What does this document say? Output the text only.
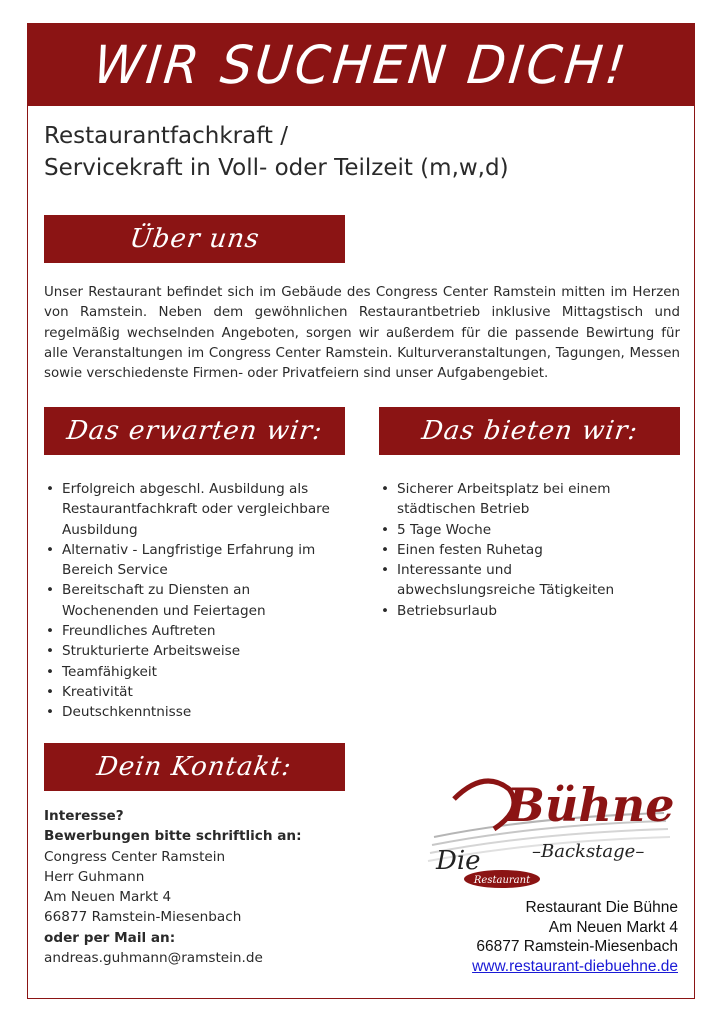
WIR SUCHEN DICH!
Restaurantfachkraft /
Servicekraft in Voll- oder Teilzeit (m,w,d)
Über uns
Unser Restaurant befindet sich im Gebäude des Congress Center Ramstein mitten im Herzen von Ramstein. Neben dem gewöhnlichen Restaurantbetrieb inklusive Mittagstisch und regelmäßig wechselnden Angeboten, sorgen wir außerdem für die passende Bewirtung für alle Veranstaltungen im Congress Center Ramstein. Kulturveranstaltungen, Tagungen, Messen sowie verschiedenste Firmen- oder Privatfeiern sind unser Aufgabengebiet.
Das erwarten wir:	Das bieten wir:
• Erfolgreich abgeschl. Ausbildung als Restaurantfachkraft oder vergleichbare Ausbildung
• Alternativ - Langfristige Erfahrung im Bereich Service
• Bereitschaft zu Diensten an Wochenenden und Feiertagen
• Freundliches Auftreten
• Strukturierte Arbeitsweise
• Teamfähigkeit
• Kreativität
• Deutschkenntnisse
• Sicherer Arbeitsplatz bei einem städtischen Betrieb
• 5 Tage Woche
• Einen festen Ruhetag
• Interessante und abwechslungsreiche Tätigkeiten
• Betriebsurlaub
Dein Kontakt:
Interesse?
Bewerbungen bitte schriftlich an:
Congress Center Ramstein
Herr Guhmann
Am Neuen Markt 4
66877 Ramstein-Miesenbach
oder per Mail an:
andreas.guhmann@ramstein.de
Die
Bühne
–Backstage–
Restaurant
Restaurant Die Bühne
Am Neuen Markt 4
66877 Ramstein-Miesenbach
www.restaurant-diebuehne.de
